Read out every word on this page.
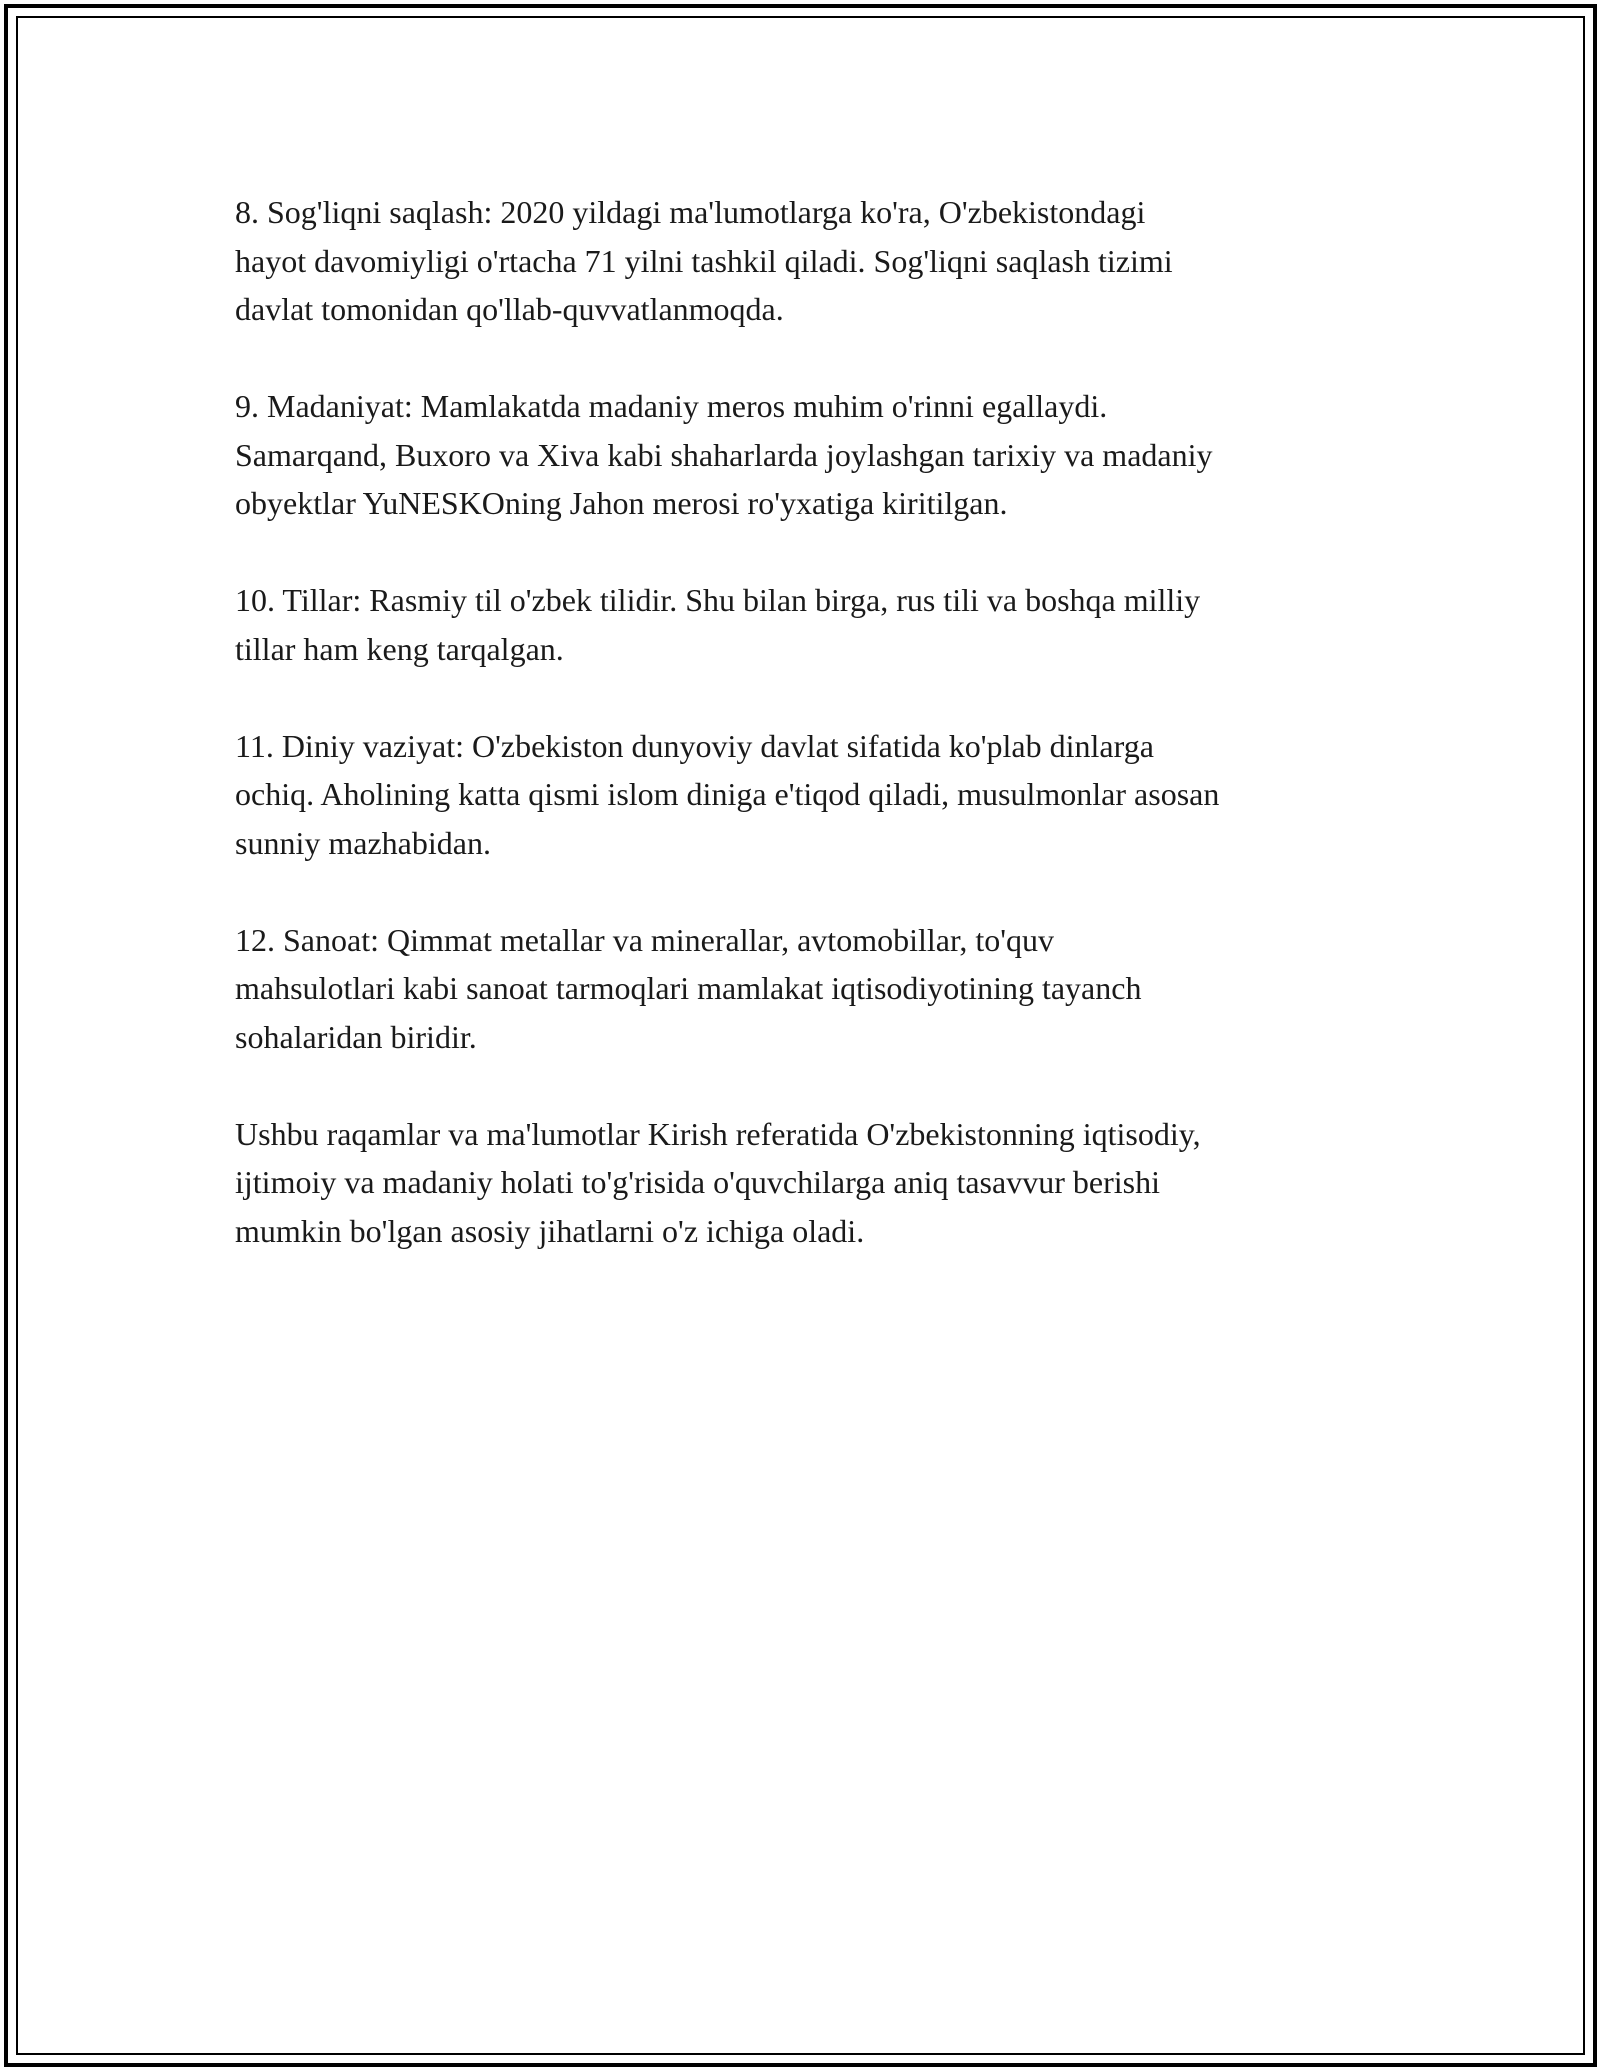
8. Sog'liqni saqlash: 2020 yildagi ma'lumotlarga ko'ra, O'zbekistondagi
hayot davomiyligi o'rtacha 71 yilni tashkil qiladi. Sog'liqni saqlash tizimi
davlat tomonidan qo'llab-quvvatlanmoqda.

9. Madaniyat: Mamlakatda madaniy meros muhim o'rinni egallaydi.
Samarqand, Buxoro va Xiva kabi shaharlarda joylashgan tarixiy va madaniy
obyektlar YuNESKOning Jahon merosi ro'yxatiga kiritilgan.

10. Tillar: Rasmiy til o'zbek tilidir. Shu bilan birga, rus tili va boshqa milliy
tillar ham keng tarqalgan.

11. Diniy vaziyat: O'zbekiston dunyoviy davlat sifatida ko'plab dinlarga
ochiq. Aholining katta qismi islom diniga e'tiqod qiladi, musulmonlar asosan
sunniy mazhabidan.

12. Sanoat: Qimmat metallar va minerallar, avtomobillar, to'quv
mahsulotlari kabi sanoat tarmoqlari mamlakat iqtisodiyotining tayanch
sohalaridan biridir.

Ushbu raqamlar va ma'lumotlar Kirish referatida O'zbekistonning iqtisodiy,
ijtimoiy va madaniy holati to'g'risida o'quvchilarga aniq tasavvur berishi
mumkin bo'lgan asosiy jihatlarni o'z ichiga oladi.
